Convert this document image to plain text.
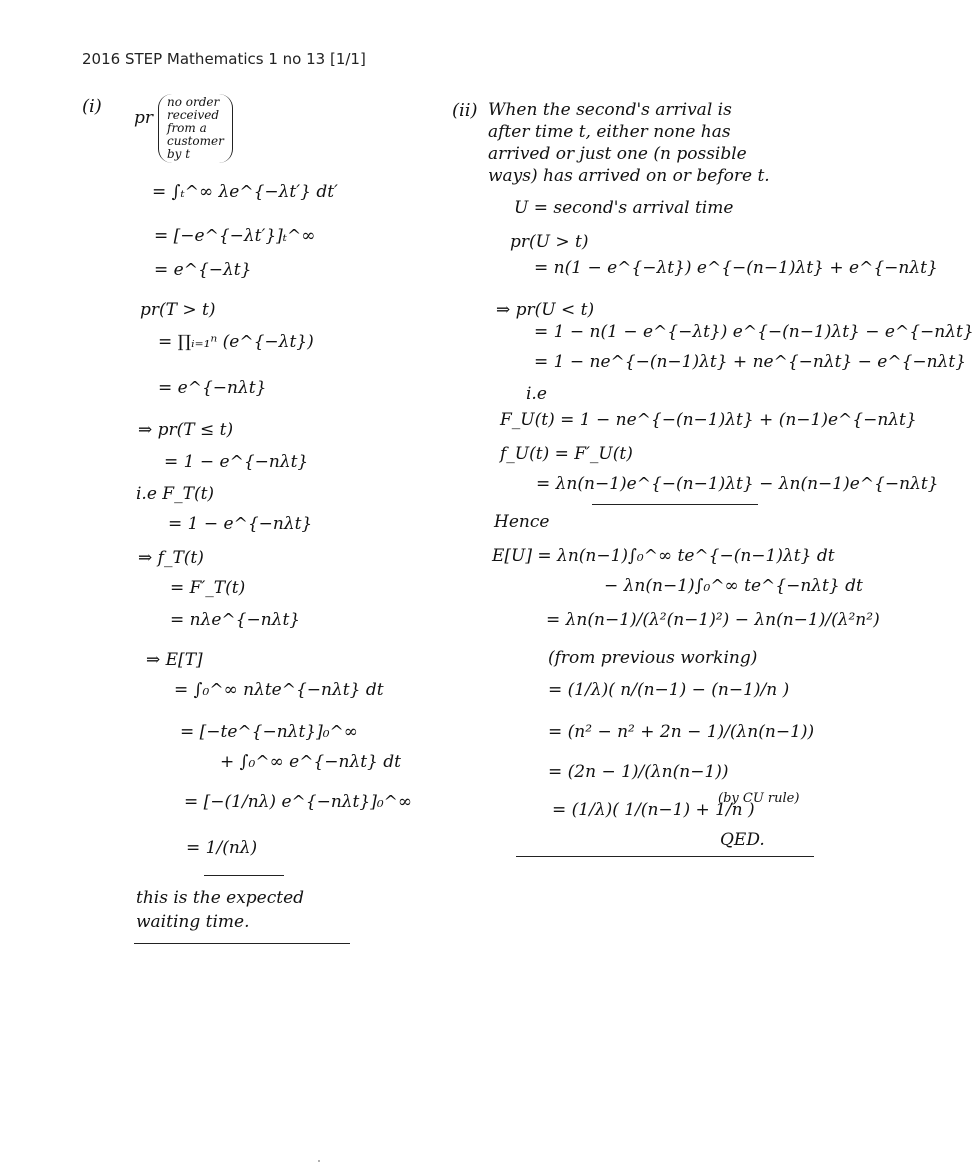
2016 STEP Mathematics 1 no 13 [1/1]
(i)
pr
no order
received
from a
customer
by t
= ∫ₜ^∞ λe^{−λt′} dt′
= [−e^{−λt′}]ₜ^∞
= e^{−λt}
pr(T > t)
= ∏ᵢ₌₁ⁿ (e^{−λt})
= e^{−nλt}
⇒ pr(T ≤ t)
= 1 − e^{−nλt}
i.e F_T(t)
= 1 − e^{−nλt}
⇒ f_T(t)
= F′_T(t)
= nλe^{−nλt}
⇒ E[T]
= ∫₀^∞ nλte^{−nλt} dt
= [−te^{−nλt}]₀^∞
+ ∫₀^∞ e^{−nλt} dt
= [−(1/nλ) e^{−nλt}]₀^∞
= 1/(nλ)
this is the expected
waiting time.
(ii) When the second's arrival is
after time t, either none has
arrived or just one (n possible
ways) has arrived on or before t.
U = second's arrival time
pr(U > t)
= n(1 − e^{−λt}) e^{−(n−1)λt} + e^{−nλt}
⇒ pr(U < t)
= 1 − n(1 − e^{−λt}) e^{−(n−1)λt} − e^{−nλt}
= 1 − ne^{−(n−1)λt} + ne^{−nλt} − e^{−nλt}
i.e
F_U(t) = 1 − ne^{−(n−1)λt} + (n−1)e^{−nλt}
f_U(t) = F′_U(t)
= λn(n−1)e^{−(n−1)λt} − λn(n−1)e^{−nλt}
Hence
E[U] = λn(n−1)∫₀^∞ te^{−(n−1)λt} dt
− λn(n−1)∫₀^∞ te^{−nλt} dt
= λn(n−1)/(λ²(n−1)²) − λn(n−1)/(λ²n²)
(from previous working)
= (1/λ)( n/(n−1) − (n−1)/n )
= (n² − n² + 2n − 1)/(λn(n−1))
= (2n − 1)/(λn(n−1))
= (1/λ)( 1/(n−1) + 1/n )
(by CU rule)
QED.
